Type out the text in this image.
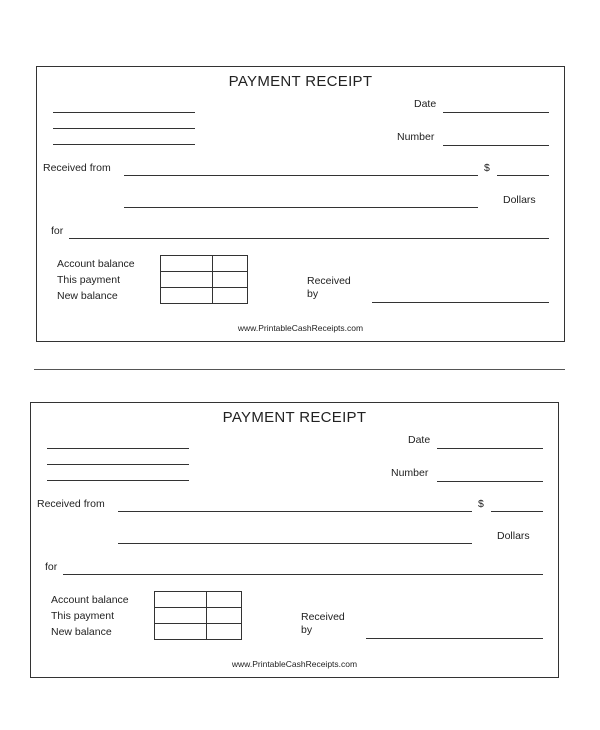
PAYMENT RECEIPT
Date
Number
Received from	$
Dollars
for
Account balance
This payment
New balance

Received
by
www.PrintableCashReceipts.com
PAYMENT RECEIPT
Date
Number
Received from	$
Dollars
for
Account balance
This payment
New balance

Received
by
www.PrintableCashReceipts.com
